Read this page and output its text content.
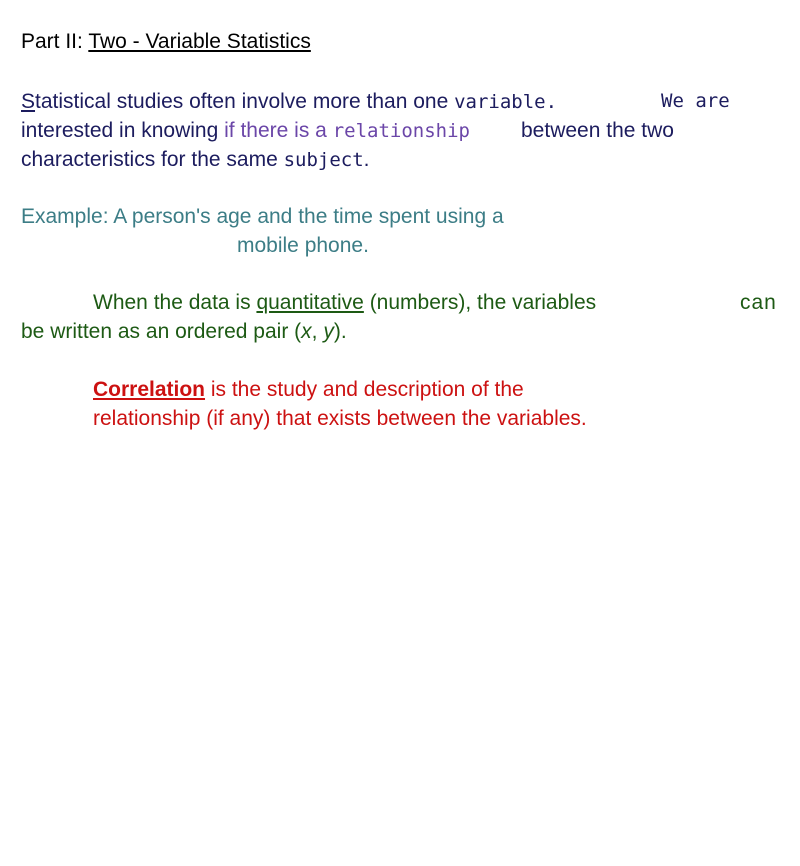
Part II: Two - Variable Statistics
Statistical studies often involve more than one variable.	We are
interested in knowing if there is a relationship between the two
characteristics for the same subject.
Example: A person's age and the time spent using a
mobile phone.
When the data is quantitative (numbers), the variables	can
be written as an ordered pair (x, y).
Correlation is the study and description of the
relationship (if any) that exists between the variables.
